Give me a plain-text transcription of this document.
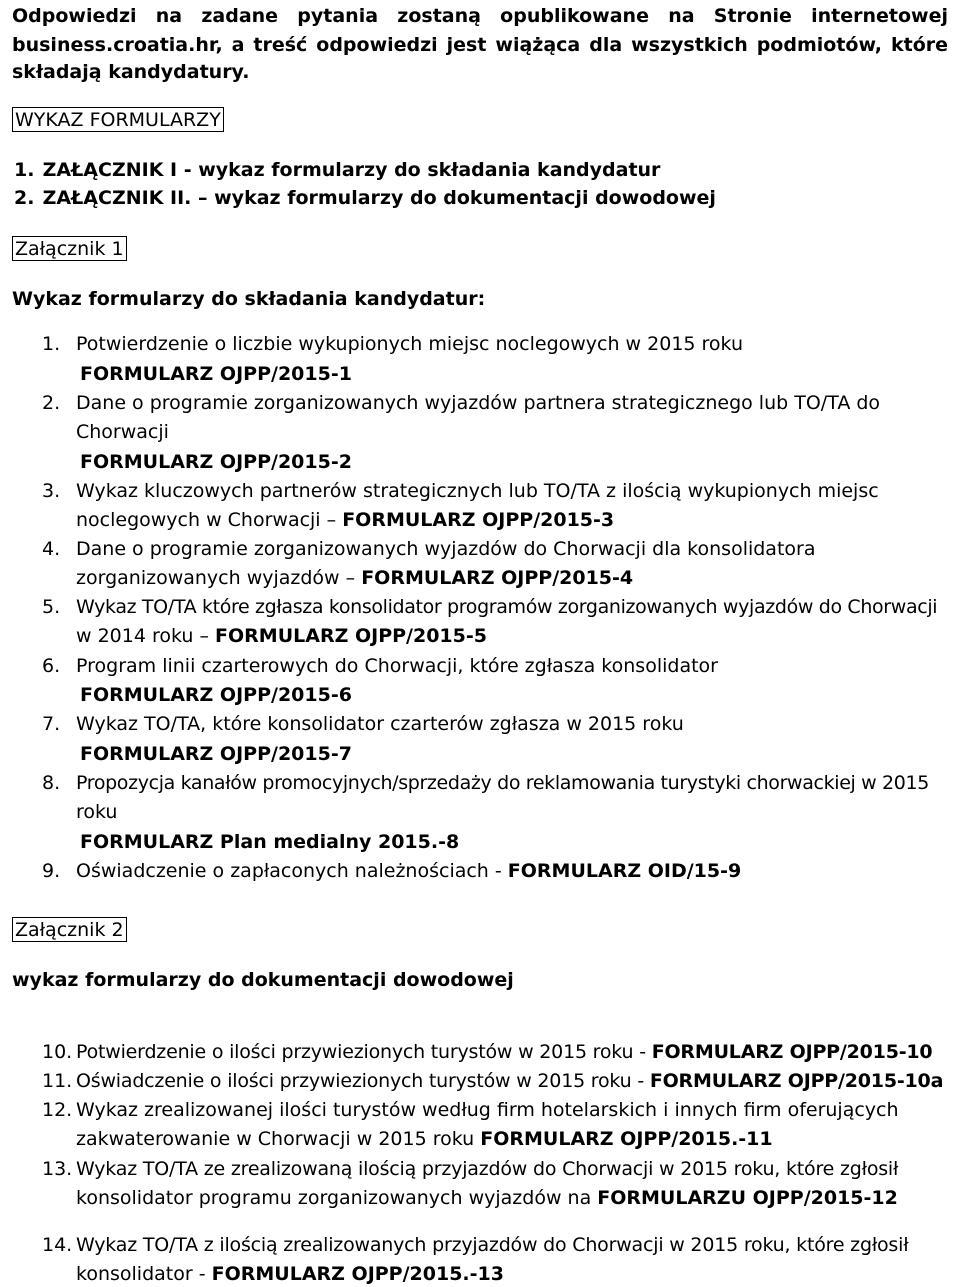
Odpowiedzi na zadane pytania zostaną opublikowane na Stronie internetowej
business.croatia.hr, a treść odpowiedzi jest wiążąca dla wszystkich podmiotów, które
składają kandydatury.
WYKAZ FORMULARZY
1. ZAŁĄCZNIK I - wykaz formularzy do składania kandydatur
2. ZAŁĄCZNIK II. – wykaz formularzy do dokumentacji dowodowej
Załącznik 1
Wykaz formularzy do składania kandydatur:
1. Potwierdzenie o liczbie wykupionych miejsc noclegowych w 2015 roku
FORMULARZ OJPP/2015-1
2. Dane o programie zorganizowanych wyjazdów partnera strategicznego lub TO/TA do
Chorwacji
FORMULARZ OJPP/2015-2
3. Wykaz kluczowych partnerów strategicznych lub TO/TA z ilością wykupionych miejsc
noclegowych w Chorwacji – FORMULARZ OJPP/2015-3
4. Dane o programie zorganizowanych wyjazdów do Chorwacji dla konsolidatora
zorganizowanych wyjazdów – FORMULARZ OJPP/2015-4
5. Wykaz TO/TA które zgłasza konsolidator programów zorganizowanych wyjazdów do Chorwacji
w 2014 roku – FORMULARZ OJPP/2015-5
6. Program linii czarterowych do Chorwacji, które zgłasza konsolidator
FORMULARZ OJPP/2015-6
7. Wykaz TO/TA, które konsolidator czarterów zgłasza w 2015 roku
FORMULARZ OJPP/2015-7
8. Propozycja kanałów promocyjnych/sprzedaży do reklamowania turystyki chorwackiej w 2015
roku
FORMULARZ Plan medialny 2015.-8
9. Oświadczenie o zapłaconych należnościach - FORMULARZ OID/15-9
Załącznik 2
wykaz formularzy do dokumentacji dowodowej
10. Potwierdzenie o ilości przywiezionych turystów w 2015 roku - FORMULARZ OJPP/2015-10
11. Oświadczenie o ilości przywiezionych turystów w 2015 roku - FORMULARZ OJPP/2015-10a
12. Wykaz zrealizowanej ilości turystów według firm hotelarskich i innych firm oferujących
zakwaterowanie w Chorwacji w 2015 roku FORMULARZ OJPP/2015.-11
13. Wykaz TO/TA ze zrealizowaną ilością przyjazdów do Chorwacji w 2015 roku, które zgłosił
konsolidator programu zorganizowanych wyjazdów na FORMULARZU OJPP/2015-12
14. Wykaz TO/TA z ilością zrealizowanych przyjazdów do Chorwacji w 2015 roku, które zgłosił
konsolidator - FORMULARZ OJPP/2015.-13
